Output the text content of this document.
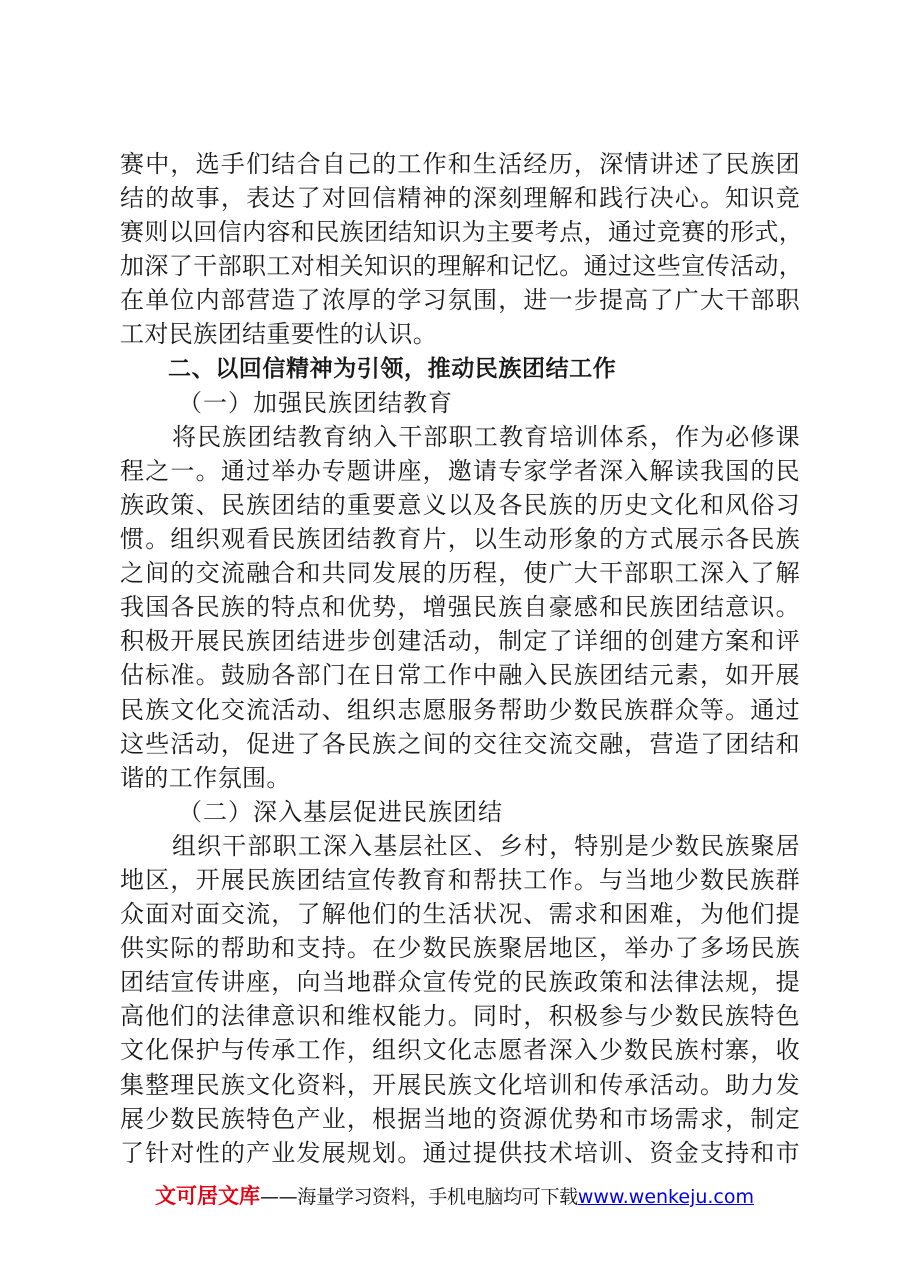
赛中，选手们结合自己的工作和生活经历，深情讲述了民族团
结的故事，表达了对回信精神的深刻理解和践行决心。知识竞
赛则以回信内容和民族团结知识为主要考点，通过竞赛的形式，
加深了干部职工对相关知识的理解和记忆。通过这些宣传活动，
在单位内部营造了浓厚的学习氛围，进一步提高了广大干部职
工对民族团结重要性的认识。
二、以回信精神为引领，推动民族团结工作
（一）加强民族团结教育
将民族团结教育纳入干部职工教育培训体系，作为必修课
程之一。通过举办专题讲座，邀请专家学者深入解读我国的民
族政策、民族团结的重要意义以及各民族的历史文化和风俗习
惯。组织观看民族团结教育片，以生动形象的方式展示各民族
之间的交流融合和共同发展的历程，使广大干部职工深入了解
我国各民族的特点和优势，增强民族自豪感和民族团结意识。
积极开展民族团结进步创建活动，制定了详细的创建方案和评
估标准。鼓励各部门在日常工作中融入民族团结元素，如开展
民族文化交流活动、组织志愿服务帮助少数民族群众等。通过
这些活动，促进了各民族之间的交往交流交融，营造了团结和
谐的工作氛围。
（二）深入基层促进民族团结
组织干部职工深入基层社区、乡村，特别是少数民族聚居
地区，开展民族团结宣传教育和帮扶工作。与当地少数民族群
众面对面交流，了解他们的生活状况、需求和困难，为他们提
供实际的帮助和支持。在少数民族聚居地区，举办了多场民族
团结宣传讲座，向当地群众宣传党的民族政策和法律法规，提
高他们的法律意识和维权能力。同时，积极参与少数民族特色
文化保护与传承工作，组织文化志愿者深入少数民族村寨，收
集整理民族文化资料，开展民族文化培训和传承活动。助力发
展少数民族特色产业，根据当地的资源优势和市场需求，制定
了针对性的产业发展规划。通过提供技术培训、资金支持和市
文可居文库——海量学习资料，手机电脑均可下载www.wenkeju.com
